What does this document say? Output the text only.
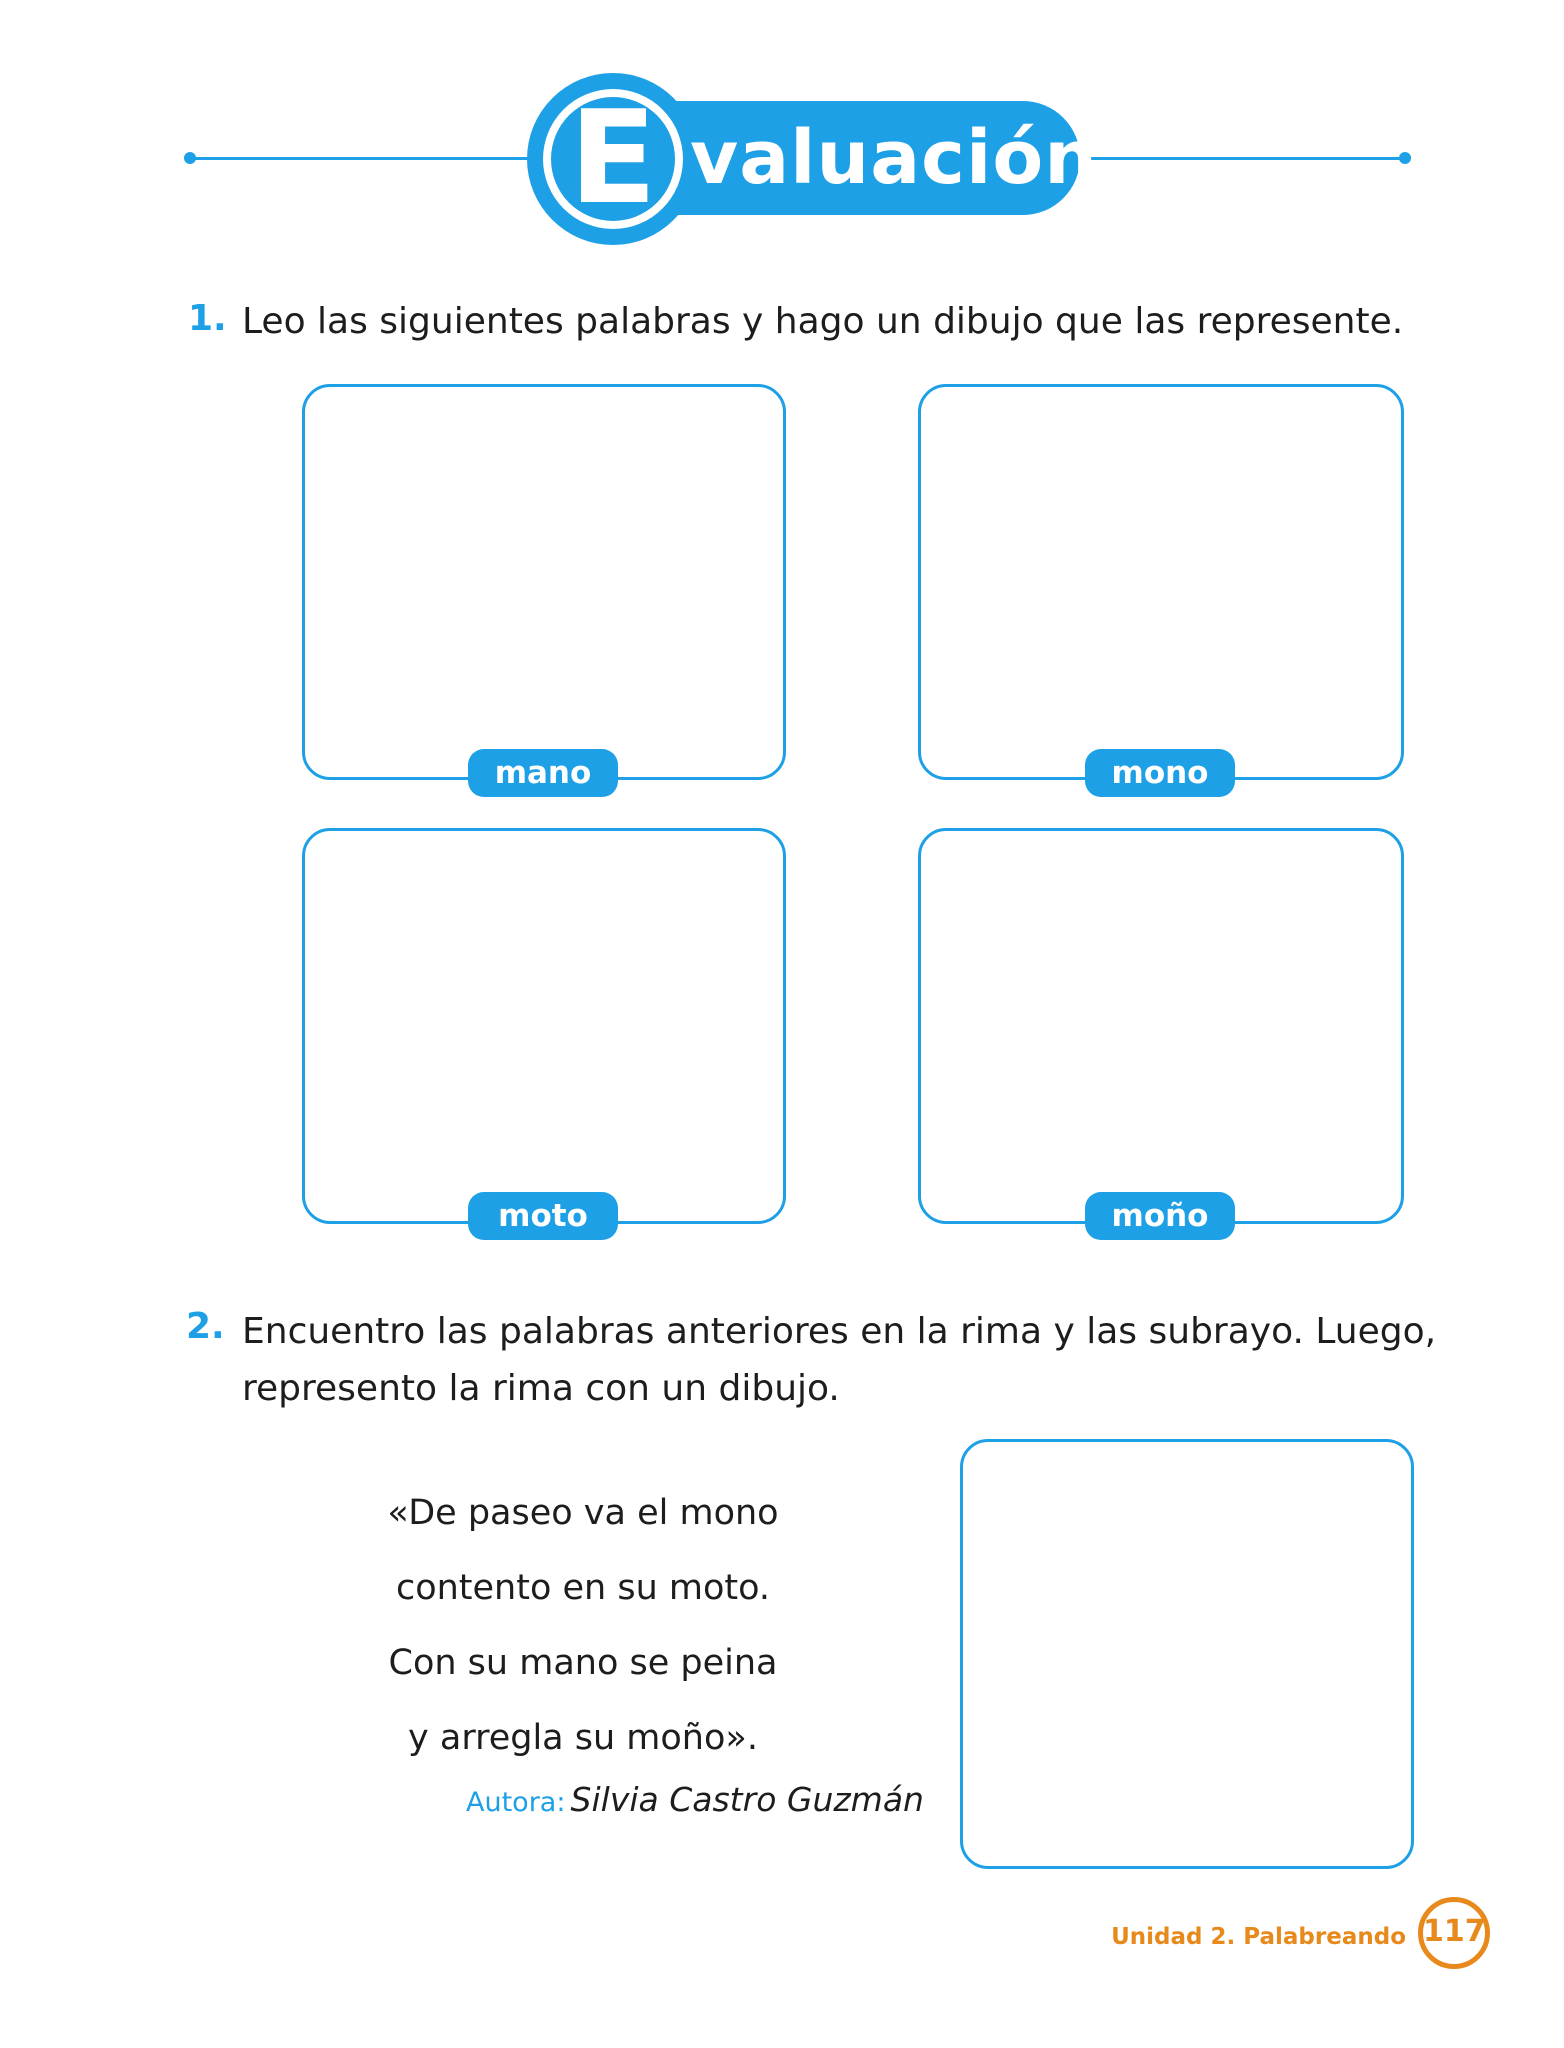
E valuación
1. Leo las siguientes palabras y hago un dibujo que las represente.
mano	mono
moto	moño
2. Encuentro las palabras anteriores en la rima y las subrayo. Luego,
represento la rima con un dibujo.
«De paseo va el mono
contento en su moto.
Con su mano se peina
y arregla su moño».
Autora: Silvia Castro Guzmán
Unidad 2. Palabreando 117
